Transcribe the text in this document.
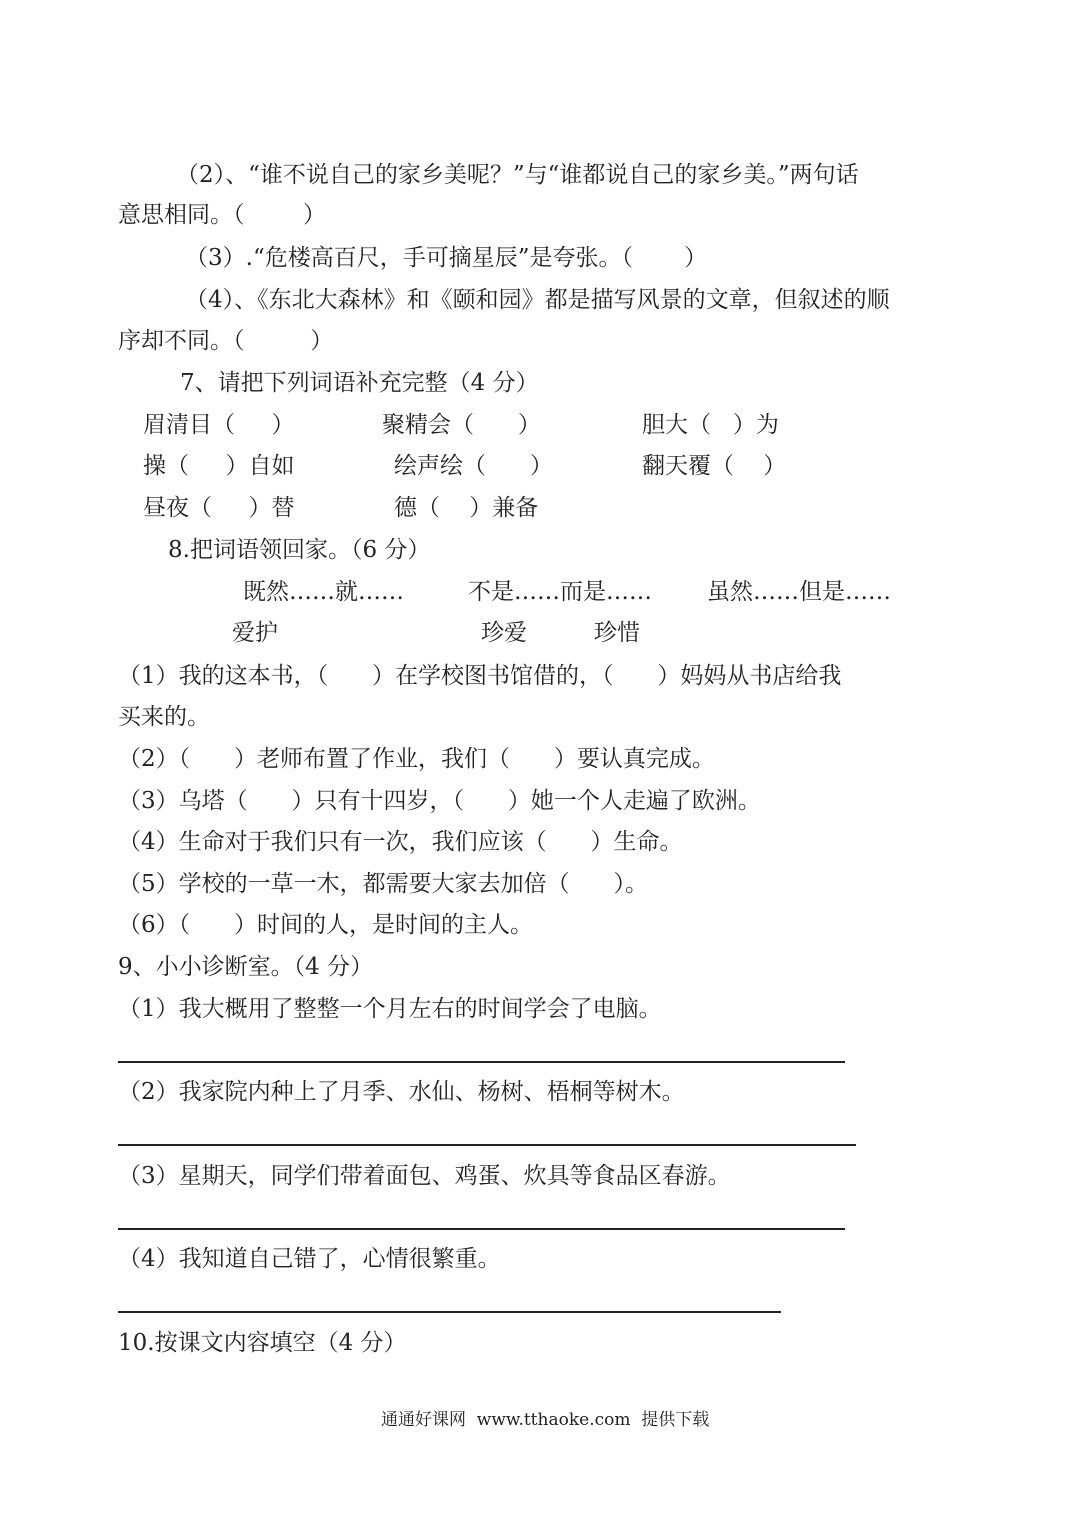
（2）、“谁不说自己的家乡美呢？”与“谁都说自己的家乡美。”两句话
意思相同。（        ）
（3）.“危楼高百尺，手可摘星辰”是夸张。（       ）
（4）、《东北大森林》和《颐和园》都是描写风景的文章，但叙述的顺
序却不同。（         ）
7、请把下列词语补充完整（4 分）
眉清目（     ）	聚精会（      ）	胆大（   ）为
操（     ）自如	绘声绘（      ）	翻天覆（    ）
昼夜（     ）替	德（    ）兼备
8.把词语领回家。（6 分）
既然……就……	不是……而是…… 虽然……但是……
爱护	珍爱	珍惜
（1）我的这本书，（      ）在学校图书馆借的，（      ）妈妈从书店给我
买来的。
（2）（      ）老师布置了作业，我们（      ）要认真完成。
（3）乌塔（      ）只有十四岁，（      ）她一个人走遍了欧洲。
（4）生命对于我们只有一次，我们应该（      ）生命。
（5）学校的一草一木，都需要大家去加倍（      ）。
（6）（      ）时间的人，是时间的主人。
9、小小诊断室。（4 分）
（1）我大概用了整整一个月左右的时间学会了电脑。
（2）我家院内种上了月季、水仙、杨树、梧桐等树木。
（3）星期天，同学们带着面包、鸡蛋、炊具等食品区春游。
（4）我知道自己错了，心情很繁重。
10.按课文内容填空（4 分）
通通好课网  www.tthaoke.com  提供下载
